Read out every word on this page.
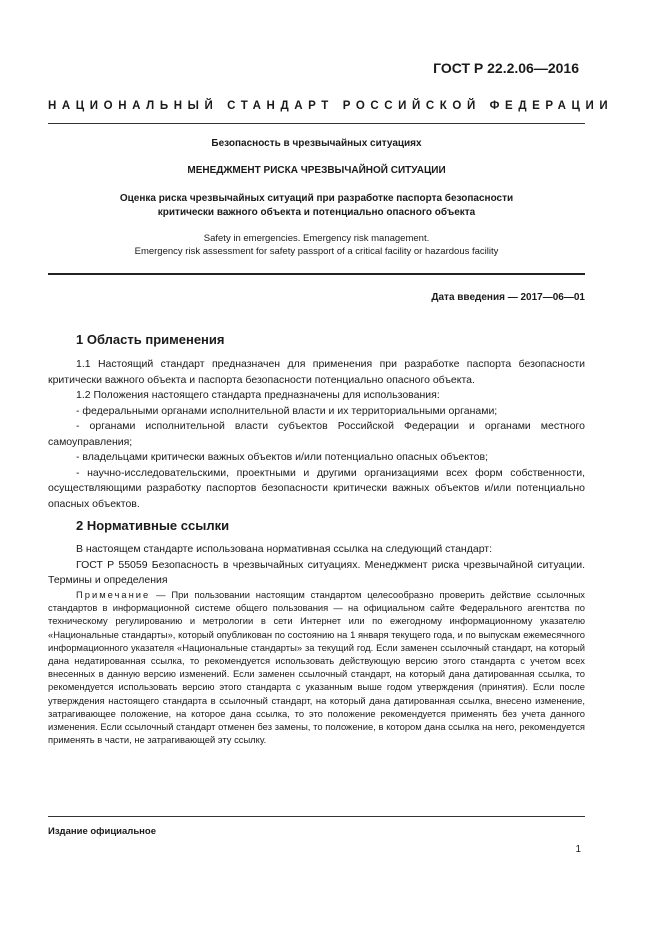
ГОСТ Р 22.2.06—2016
НАЦИОНАЛЬНЫЙ СТАНДАРТ РОССИЙСКОЙ ФЕДЕРАЦИИ
Безопасность в чрезвычайных ситуациях
МЕНЕДЖМЕНТ РИСКА ЧРЕЗВЫЧАЙНОЙ СИТУАЦИИ
Оценка риска чрезвычайных ситуаций при разработке паспорта безопасности
критически важного объекта и потенциально опасного объекта
Safety in emergencies. Emergency risk management.
Emergency risk assessment for safety passport of a critical facility or hazardous facility
Дата введения — 2017—06—01
1 Область применения

1.1 Настоящий стандарт предназначен для применения при разработке паспорта безопасности критически важного объекта и паспорта безопасности потенциально опасного объекта.

1.2 Положения настоящего стандарта предназначены для использования:

- федеральными органами исполнительной власти и их территориальными органами;

- органами исполнительной власти субъектов Российской Федерации и органами местного самоуправления;

- владельцами критически важных объектов и/или потенциально опасных объектов;

- научно-исследовательскими, проектными и другими организациями всех форм собственности, осуществляющими разработку паспортов безопасности критически важных объектов и/или потенциально опасных объектов.

2 Нормативные ссылки

В настоящем стандарте использована нормативная ссылка на следующий стандарт:

ГОСТ Р 55059 Безопасность в чрезвычайных ситуациях. Менеджмент риска чрезвычайной ситуации. Термины и определения

Примечание — При пользовании настоящим стандартом целесообразно проверить действие ссылочных стандартов в информационной системе общего пользования — на официальном сайте Федерального агентства по техническому регулированию и метрологии в сети Интернет или по ежегодному информационному указателю «Национальные стандарты», который опубликован по состоянию на 1 января текущего года, и по выпускам ежемесячного информационного указателя «Национальные стандарты» за текущий год. Если заменен ссылочный стандарт, на который дана недатированная ссылка, то рекомендуется использовать действующую версию этого стандарта с учетом всех внесенных в данную версию изменений. Если заменен ссылочный стандарт, на который дана датированная ссылка, то рекомендуется использовать версию этого стандарта с указанным выше годом утверждения (принятия). Если после утверждения настоящего стандарта в ссылочный стандарт, на который дана датированная ссылка, внесено изменение, затрагивающее положение, на которое дана ссылка, то это положение рекомендуется применять без учета данного изменения. Если ссылочный стандарт отменен без замены, то положение, в котором дана ссылка на него, рекомендуется применять в части, не затрагивающей эту ссылку.

Издание официальное
1
